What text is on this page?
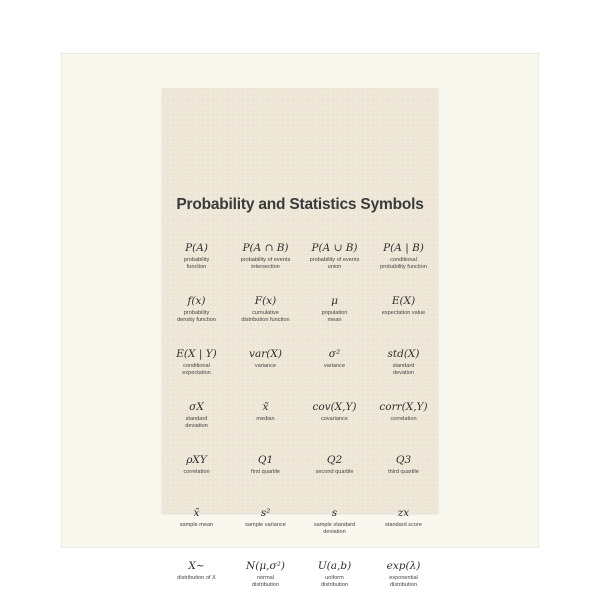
Probability and Statistics Symbols
P(A)
probability
function
P(A ∩ B)
probability of events
intersection
P(A ∪ B)
probability of events
union
P(A | B)
conditional
probability function
f(x)
probability
density function
F(x)
cumulative
distribution function
μ
population
mean
E(X)
expectation value
E(X | Y)
conditional
expectation
var(X)
variance
σ²
variance
std(X)
standard
devation
σX
standard
deviation
x̃
median
cov(X,Y)
covariance
corr(X,Y)
correlation
ρXY
correlation
Q1
first quartile
Q2
second quartile
Q3
third quartile
x̄
sample mean
s²
sample variance
s
sample standard
deviation
zx
standard score
X~
distribution of X
N(μ,σ²)
normal
distribution
U(a,b)
uniform
distribution
exp(λ)
exponential
distribution
